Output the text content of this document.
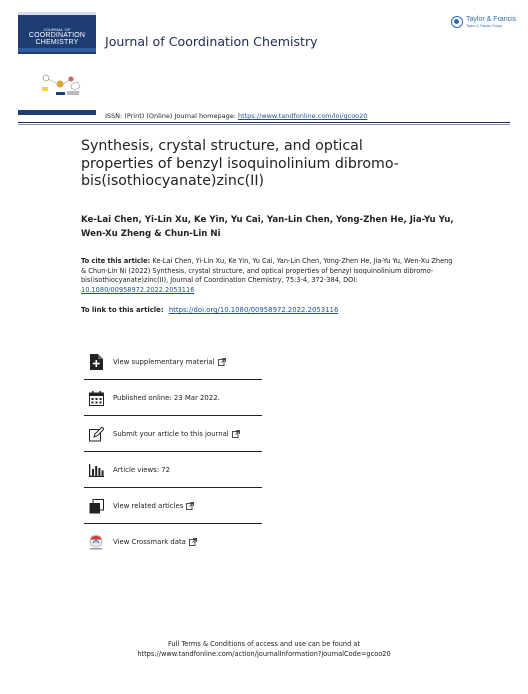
JOURNAL OF
COORDINATION
CHEMISTRY	Journal of Coordination Chemistry
Taylor & Francis
Taylor & Francis Group
ISSN: (Print) (Online) Journal homepage: https://www.tandfonline.com/loi/gcoo20
Synthesis, crystal structure, and optical properties of benzyl isoquinolinium dibromo-bis(isothiocyanate)zinc(II)
Ke-Lai Chen, Yi-Lin Xu, Ke Yin, Yu Cai, Yan-Lin Chen, Yong-Zhen He, Jia-Yu Yu, Wen-Xu Zheng & Chun-Lin Ni
To cite this article: Ke-Lai Chen, Yi-Lin Xu, Ke Yin, Yu Cai, Yan-Lin Chen, Yong-Zhen He, Jia-Yu Yu, Wen-Xu Zheng & Chun-Lin Ni (2022) Synthesis, crystal structure, and optical properties of benzyl isoquinolinium dibromo-bis(isothiocyanate)zinc(II), Journal of Coordination Chemistry, 75:3-4, 372-384, DOI: 10.1080/00958972.2022.2053116
To link to this article: https://doi.org/10.1080/00958972.2022.2053116
View supplementary material
Published online: 23 Mar 2022.
Submit your article to this journal
Article views: 72
View related articles
View Crossmark data
Full Terms & Conditions of access and use can be found at
https://www.tandfonline.com/action/journalInformation?journalCode=gcoo20
